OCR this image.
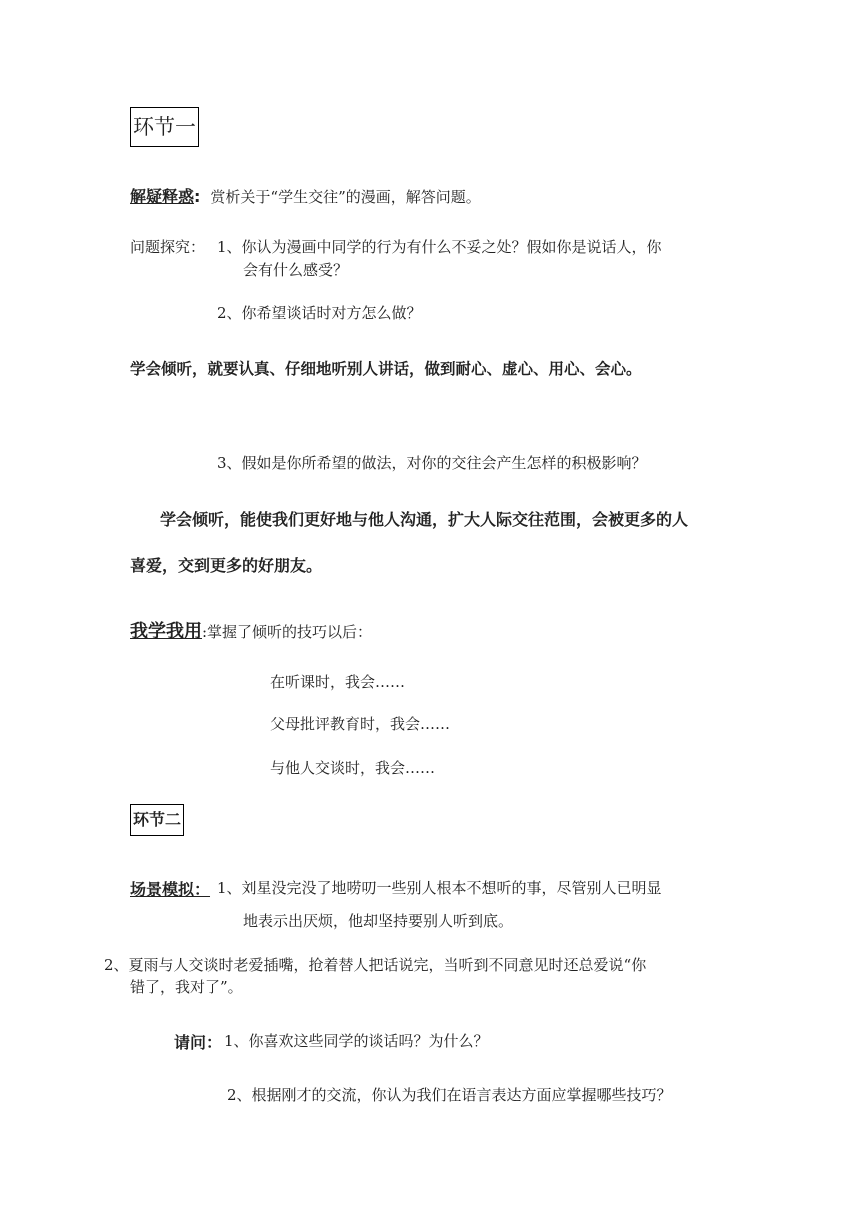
环节一
解疑释惑: 赏析关于“学生交往”的漫画，解答问题。
问题探究： 1、你认为漫画中同学的行为有什么不妥之处？假如你是说话人，你
会有什么感受？
2、你希望谈话时对方怎么做？
学会倾听，就要认真、仔细地听别人讲话，做到耐心、虚心、用心、会心。
3、假如是你所希望的做法，对你的交往会产生怎样的积极影响？
学会倾听，能使我们更好地与他人沟通，扩大人际交往范围，会被更多的人
喜爱，交到更多的好朋友。
我学我用:掌握了倾听的技巧以后：
在听课时，我会……
父母批评教育时，我会……
与他人交谈时，我会……
环节二
场景模拟： 1、刘星没完没了地唠叨一些别人根本不想听的事，尽管别人已明显
地表示出厌烦，他却坚持要别人听到底。
2、夏雨与人交谈时老爱插嘴，抢着替人把话说完，当听到不同意见时还总爱说“你
错了，我对了”。
请问： 1、你喜欢这些同学的谈话吗？为什么？
2、根据刚才的交流，你认为我们在语言表达方面应掌握哪些技巧？
